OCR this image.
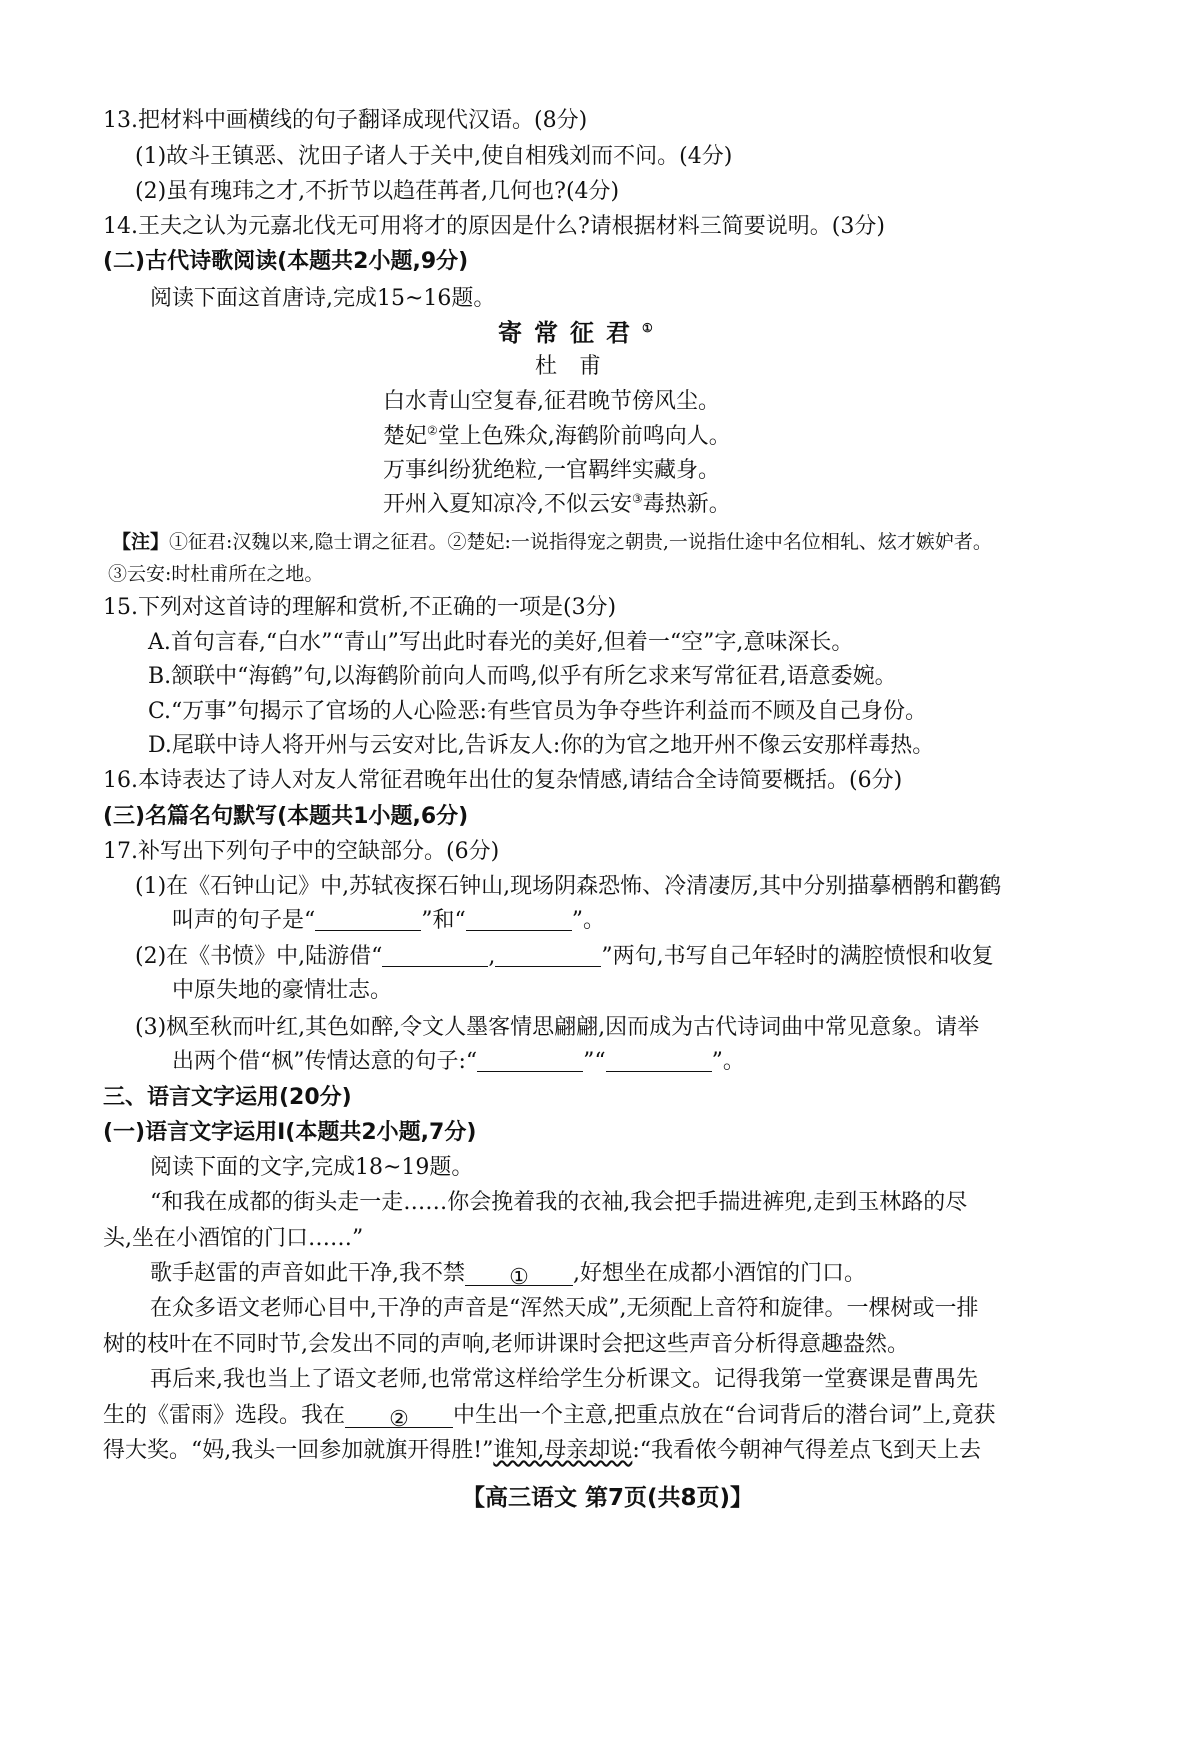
13.把材料中画横线的句子翻译成现代汉语。(8分)
(1)故斗王镇恶、沈田子诸人于关中,使自相残刘而不问。(4分)
(2)虽有瑰玮之才,不折节以趋荏苒者,几何也?(4分)
14.王夫之认为元嘉北伐无可用将才的原因是什么?请根据材料三简要说明。(3分)
(二)古代诗歌阅读(本题共2小题,9分)
阅读下面这首唐诗,完成15~16题。
寄常征君①
杜甫
白水青山空复春,征君晚节傍风尘。
楚妃②堂上色殊众,海鹤阶前鸣向人。
万事纠纷犹绝粒,一官羁绊实藏身。
开州入夏知凉冷,不似云安③毒热新。
【注】①征君:汉魏以来,隐士谓之征君。②楚妃:一说指得宠之朝贵,一说指仕途中名位相轧、炫才嫉妒者。
③云安:时杜甫所在之地。
15.下列对这首诗的理解和赏析,不正确的一项是(3分)
A.首句言春,“白水”“青山”写出此时春光的美好,但着一“空”字,意味深长。
B.颔联中“海鹤”句,以海鹤阶前向人而鸣,似乎有所乞求来写常征君,语意委婉。
C.“万事”句揭示了官场的人心险恶:有些官员为争夺些许利益而不顾及自己身份。
D.尾联中诗人将开州与云安对比,告诉友人:你的为官之地开州不像云安那样毒热。
16.本诗表达了诗人对友人常征君晚年出仕的复杂情感,请结合全诗简要概括。(6分)
(三)名篇名句默写(本题共1小题,6分)
17.补写出下列句子中的空缺部分。(6分)
(1)在《石钟山记》中,苏轼夜探石钟山,现场阴森恐怖、冷清凄厉,其中分别描摹栖鹘和鹳鹤
叫声的句子是“	”和“	”。
(2)在《书愤》中,陆游借“	,	”两句,书写自己年轻时的满腔愤恨和收复
中原失地的豪情壮志。
(3)枫至秋而叶红,其色如醉,令文人墨客情思翩翩,因而成为古代诗词曲中常见意象。请举
出两个借“枫”传情达意的句子:“	”“	”。
三、语言文字运用(20分)
(一)语言文字运用Ⅰ(本题共2小题,7分)
阅读下面的文字,完成18~19题。
“和我在成都的街头走一走……你会挽着我的衣袖,我会把手揣进裤兜,走到玉林路的尽
头,坐在小酒馆的门口……”
歌手赵雷的声音如此干净,我不禁 ① ,好想坐在成都小酒馆的门口。
在众多语文老师心目中,干净的声音是“浑然天成”,无须配上音符和旋律。一棵树或一排
树的枝叶在不同时节,会发出不同的声响,老师讲课时会把这些声音分析得意趣盎然。
再后来,我也当上了语文老师,也常常这样给学生分析课文。记得我第一堂赛课是曹禺先
生的《雷雨》选段。我在 ② 中生出一个主意,把重点放在“台词背后的潜台词”上,竟获
得大奖。“妈,我头一回参加就旗开得胜!”谁知,母亲却说:“我看侬今朝神气得差点飞到天上去
【高三语文 第7页(共8页)】
